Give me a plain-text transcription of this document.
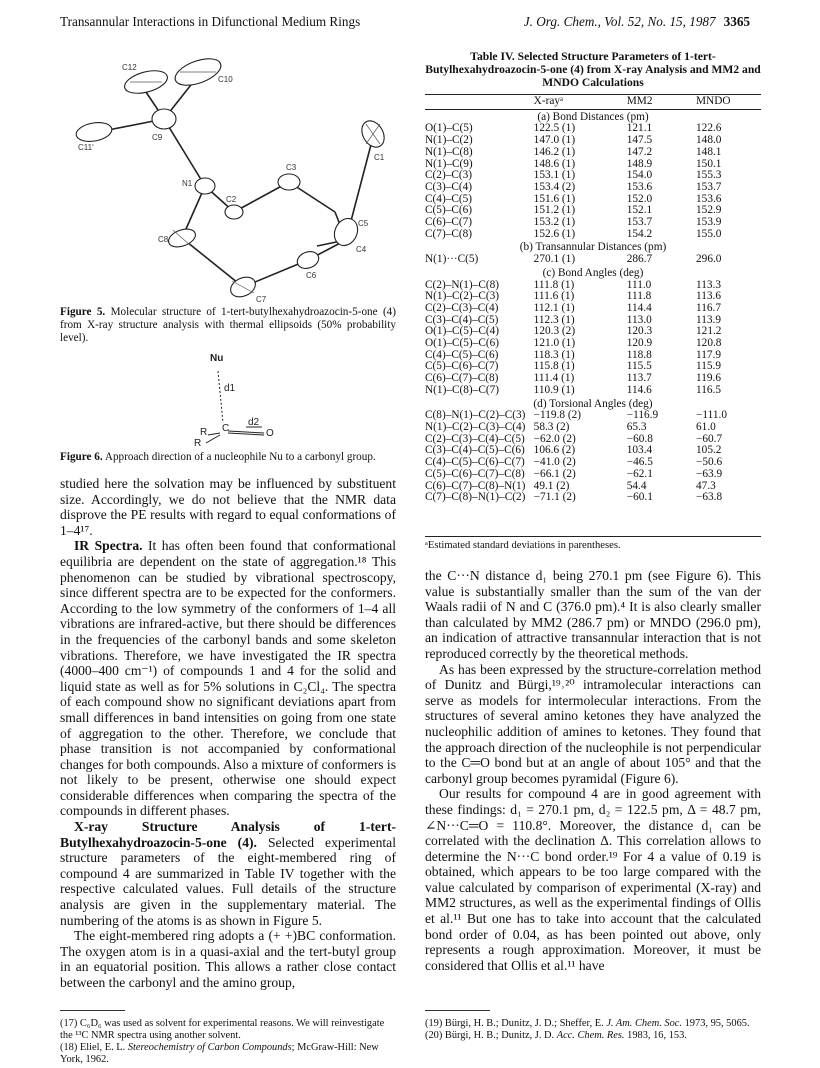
Transannular Interactions in Difunctional Medium Rings	J. Org. Chem., Vol. 52, No. 15, 1987 3365
C12
C10
C11'
C9
C1
N1
C2
C3
C5
C8
C4
C6
C7

Figure 5. Molecular structure of 1-tert-butylhexahydroazocin-5-one (4) from X-ray structure analysis with thermal ellipsoids (50% probability level).

Nu
d1
d2
C	O
R
R

Figure 6. Approach direction of a nucleophile Nu to a carbonyl group.

studied here the solvation may be influenced by substituent size. Accordingly, we do not believe that the NMR data disprove the PE results with regard to equal conformations of 1–4¹⁷.

IR Spectra. It has often been found that conformational equilibria are dependent on the state of aggregation.¹⁸ This phenomenon can be studied by vibrational spectroscopy, since different spectra are to be expected for the conformers. According to the low symmetry of the conformers of 1–4 all vibrations are infrared-active, but there should be differences in the frequencies of the carbonyl bands and some skeleton vibrations. Therefore, we have investigated the IR spectra (4000–400 cm⁻¹) of compounds 1 and 4 for the solid and liquid state as well as for 5% solutions in C₂Cl₄. The spectra of each compound show no significant deviations apart from small differences in band intensities on going from one state of aggregation to the other. Therefore, we conclude that phase transition is not accompanied by conformational changes for both compounds. Also a mixture of conformers is not likely to be present, otherwise one should expect considerable differences when comparing the spectra of the compounds in different phases.

X-ray Structure Analysis of 1-tert-Butylhexahydroazocin-5-one (4). Selected experimental structure parameters of the eight-membered ring of compound 4 are summarized in Table IV together with the respective calculated values. Full details of the structure analysis are given in the supplementary material. The numbering of the atoms is as shown in Figure 5.

The eight-membered ring adopts a (+ +)BC conformation. The oxygen atom is in a quasi-axial and the tert-butyl group in an equatorial position. This allows a rather close contact between the carbonyl and the amino group,

Table IV. Selected Structure Parameters of 1-tert-Butylhexahydroazocin-5-one (4) from X-ray Analysis and MM2 and MNDO Calculations
	X-rayᵃ	MM2	MNDO
(a) Bond Distances (pm)			
O(1)–C(5)	122.5 (1)	121.1	122.6
N(1)–C(2)	147.0 (1)	147.5	148.0
N(1)–C(8)	146.2 (1)	147.2	148.1
N(1)–C(9)	148.6 (1)	148.9	150.1
C(2)–C(3)	153.1 (1)	154.0	155.3
C(3)–C(4)	153.4 (2)	153.6	153.7
C(4)–C(5)	151.6 (1)	152.0	153.6
C(5)–C(6)	151.2 (1)	152.1	152.9
C(6)–C(7)	153.2 (1)	153.7	153.9
C(7)–C(8)	152.6 (1)	154.2	155.0
(b) Transannular Distances (pm)			
N(1)···C(5)	270.1 (1)	286.7	296.0
(c) Bond Angles (deg)			
C(2)–N(1)–C(8)	111.8 (1)	111.0	113.3
N(1)–C(2)–C(3)	111.6 (1)	111.8	113.6
C(2)–C(3)–C(4)	112.1 (1)	114.4	116.7
C(3)–C(4)–C(5)	112.3 (1)	113.0	113.9
O(1)–C(5)–C(4)	120.3 (2)	120.3	121.2
O(1)–C(5)–C(6)	121.0 (1)	120.9	120.8
C(4)–C(5)–C(6)	118.3 (1)	118.8	117.9
C(5)–C(6)–C(7)	115.8 (1)	115.5	115.9
C(6)–C(7)–C(8)	111.4 (1)	113.7	119.6
N(1)–C(8)–C(7)	110.9 (1)	114.6	116.5
(d) Torsional Angles (deg)			
C(8)–N(1)–C(2)–C(3)	−119.8 (2)	−116.9	−111.0
N(1)–C(2)–C(3)–C(4)	58.3 (2)	65.3	61.0
C(2)–C(3)–C(4)–C(5)	−62.0 (2)	−60.8	−60.7
C(3)–C(4)–C(5)–C(6)	106.6 (2)	103.4	105.2
C(4)–C(5)–C(6)–C(7)	−41.0 (2)	−46.5	−50.6
C(5)–C(6)–C(7)–C(8)	−66.1 (2)	−62.1	−63.9
C(6)–C(7)–C(8)–N(1)	49.1 (2)	54.4	47.3
C(7)–C(8)–N(1)–C(2)	−71.1 (2)	−60.1	−63.8
ᵃEstimated standard deviations in parentheses.

the C···N distance d₁ being 270.1 pm (see Figure 6). This value is substantially smaller than the sum of the van der Waals radii of N and C (376.0 pm).⁴ It is also clearly smaller than calculated by MM2 (286.7 pm) or MNDO (296.0 pm), an indication of attractive transannular interaction that is not reproduced correctly by the theoretical methods.

As has been expressed by the structure-correlation method of Dunitz and Bürgi,¹⁹˒²⁰ intramolecular interactions can serve as models for intermolecular interactions. From the structures of several amino ketones they have analyzed the nucleophilic addition of amines to ketones. They found that the approach direction of the nucleophile is not perpendicular to the C═O bond but at an angle of about 105° and that the carbonyl group becomes pyramidal (Figure 6).

Our results for compound 4 are in good agreement with these findings: d₁ = 270.1 pm, d₂ = 122.5 pm, Δ = 48.7 pm, ∠N···C═O = 110.8°. Moreover, the distance d₁ can be correlated with the declination Δ. This correlation allows to determine the N···C bond order.¹⁹ For 4 a value of 0.19 is obtained, which appears to be too large compared with the value calculated by comparison of experimental (X-ray) and MM2 structures, as well as the experimental findings of Ollis et al.¹¹ But one has to take into account that the calculated bond order of 0.04, as has been pointed out above, only represents a rough approximation. Moreover, it must be considered that Ollis et al.¹¹ have

(17) C₆D₆ was used as solvent for experimental reasons. We will reinvestigate the ¹³C NMR spectra using another solvent.
(18) Eliel, E. L. Stereochemistry of Carbon Compounds; McGraw-Hill: New York, 1962.
(19) Bürgi, H. B.; Dunitz, J. D.; Sheffer, E. J. Am. Chem. Soc. 1973, 95, 5065.
(20) Bürgi, H. B.; Dunitz, J. D. Acc. Chem. Res. 1983, 16, 153.
